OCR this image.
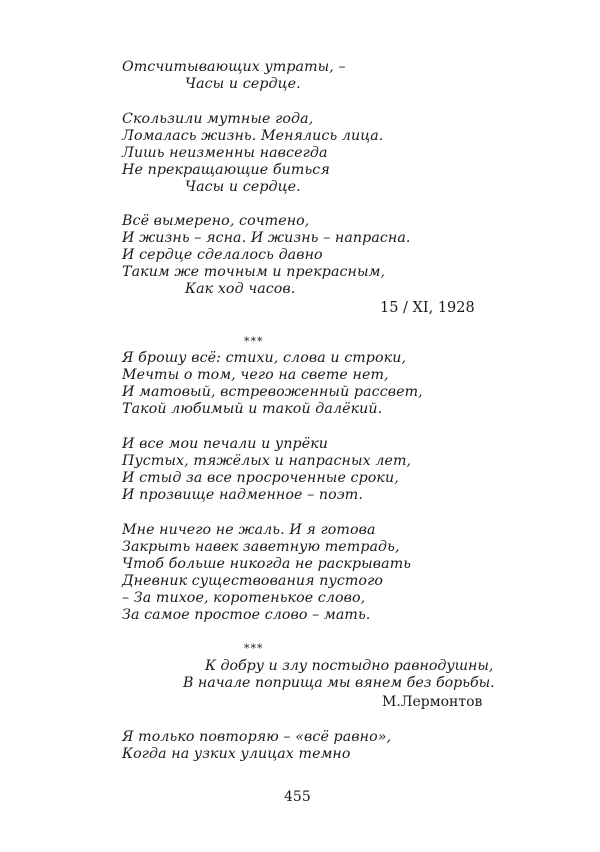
Отсчитывающих утраты, –
Часы и сердце.
Скользили мутные года,
Ломалась жизнь. Менялись лица.
Лишь неизменны навсегда
Не прекращающие биться
Часы и сердце.
Всё вымерено, сочтено,
И жизнь – ясна. И жизнь – напрасна.
И сердце сделалось давно
Таким же точным и прекрасным,
Как ход часов.
15 / XI, 1928
***
Я брошу всё: стихи, слова и строки,
Мечты о том, чего на свете нет,
И матовый, встревоженный рассвет,
Такой любимый и такой далёкий.
И все мои печали и упрёки
Пустых, тяжёлых и напрасных лет,
И стыд за все просроченные сроки,
И прозвище надменное – поэт.
Мне ничего не жаль. И я готова
Закрыть навек заветную тетрадь,
Чтоб больше никогда не раскрывать
Дневник существования пустого
– За тихое, коротенькое слово,
За самое простое слово – мать.
***
К добру и злу постыдно равнодушны,
В начале поприща мы вянем без борьбы.
М.Лермонтов
Я только повторяю – «всё равно»,
Когда на узких улицах темно
455
